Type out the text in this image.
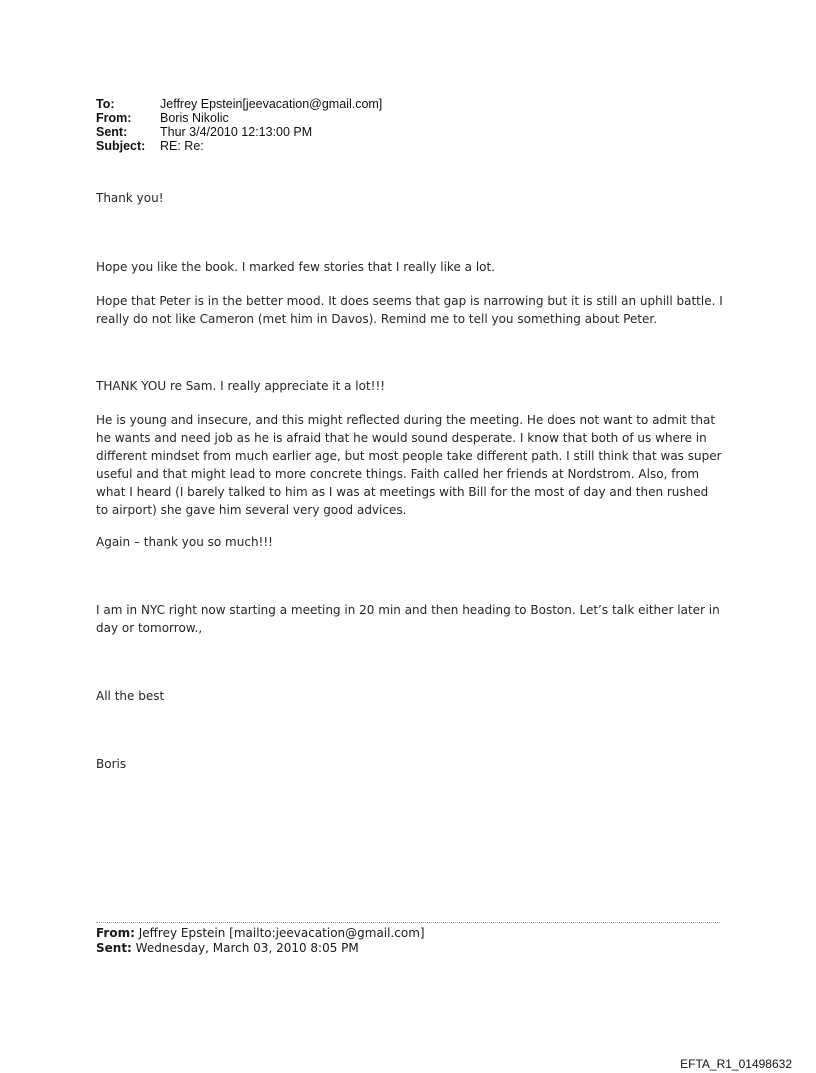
To:	Jeffrey Epstein[jeevacation@gmail.com]
From:	Boris Nikolic
Sent:	Thur 3/4/2010 12:13:00 PM
Subject:	RE: Re:

Thank you!

Hope you like the book. I marked few stories that I really like a lot.

Hope that Peter is in the better mood. It does seems that gap is narrowing but it is still an uphill battle. I really do not like Cameron (met him in Davos). Remind me to tell you something about Peter.

THANK YOU re Sam. I really appreciate it a lot!!!

He is young and insecure, and this might reflected during the meeting. He does not want to admit that he wants and need job as he is afraid that he would sound desperate. I know that both of us where in different mindset from much earlier age, but most people take different path. I still think that was super useful and that might lead to more concrete things. Faith called her friends at Nordstrom. Also, from what I heard (I barely talked to him as I was at meetings with Bill for the most of day and then rushed to airport) she gave him several very good advices.

Again – thank you so much!!!

I am in NYC right now starting a meeting in 20 min and then heading to Boston. Let’s talk either later in day or tomorrow.,

All the best

Boris

From: Jeffrey Epstein [mailto:jeevacation@gmail.com]
Sent: Wednesday, March 03, 2010 8:05 PM
EFTA_R1_01498632
